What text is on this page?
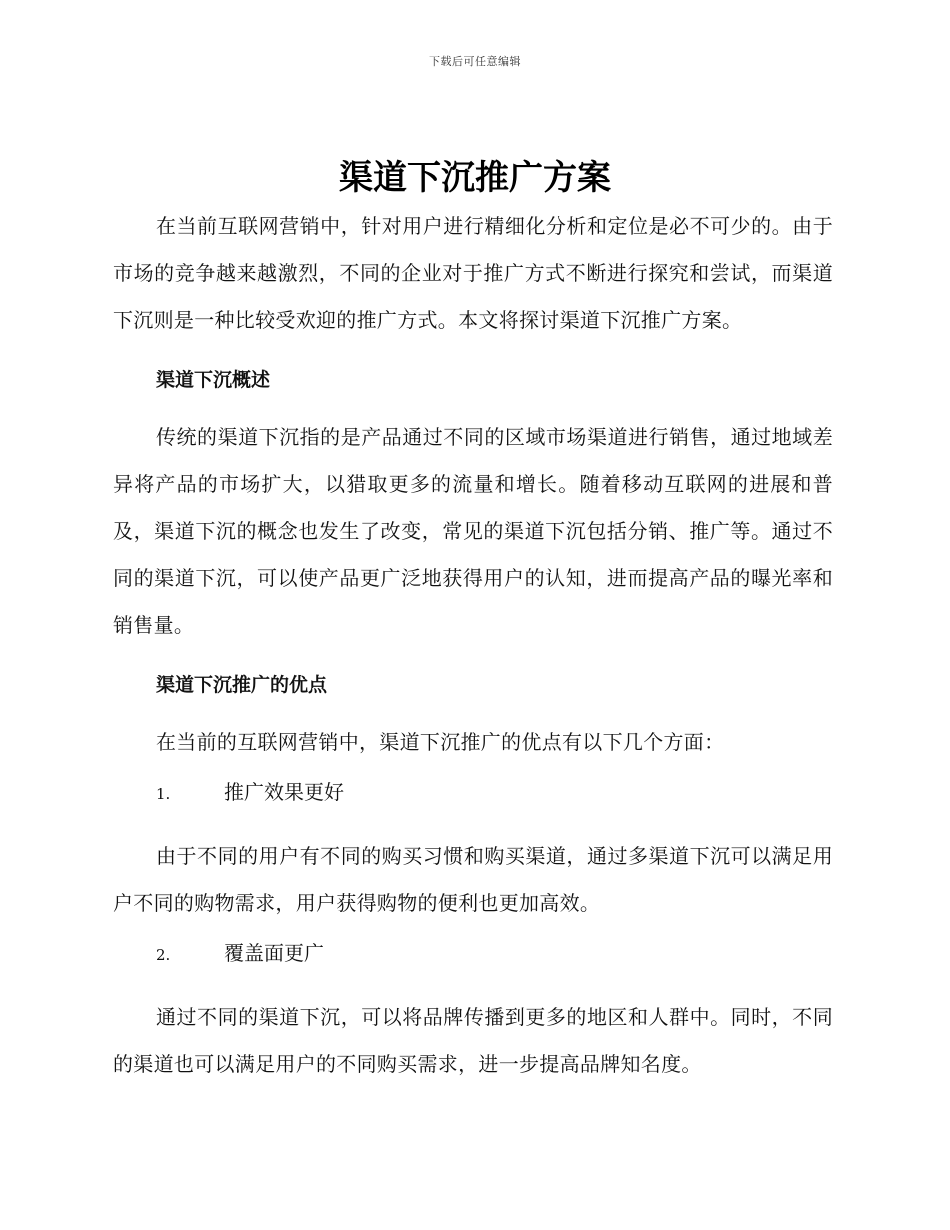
下载后可任意编辑
渠道下沉推广方案

在当前互联网营销中，针对用户进行精细化分析和定位是必不可少的。由于市场的竞争越来越激烈，不同的企业对于推广方式不断进行探究和尝试，而渠道下沉则是一种比较受欢迎的推广方式。本文将探讨渠道下沉推广方案。

渠道下沉概述

传统的渠道下沉指的是产品通过不同的区域市场渠道进行销售，通过地域差异将产品的市场扩大，以猎取更多的流量和增长。随着移动互联网的进展和普及，渠道下沉的概念也发生了改变，常见的渠道下沉包括分销、推广等。通过不同的渠道下沉，可以使产品更广泛地获得用户的认知，进而提高产品的曝光率和销售量。

渠道下沉推广的优点

在当前的互联网营销中，渠道下沉推广的优点有以下几个方面：

1.	推广效果更好

由于不同的用户有不同的购买习惯和购买渠道，通过多渠道下沉可以满足用户不同的购物需求，用户获得购物的便利也更加高效。

2.	覆盖面更广

通过不同的渠道下沉，可以将品牌传播到更多的地区和人群中。同时，不同的渠道也可以满足用户的不同购买需求，进一步提高品牌知名度。
